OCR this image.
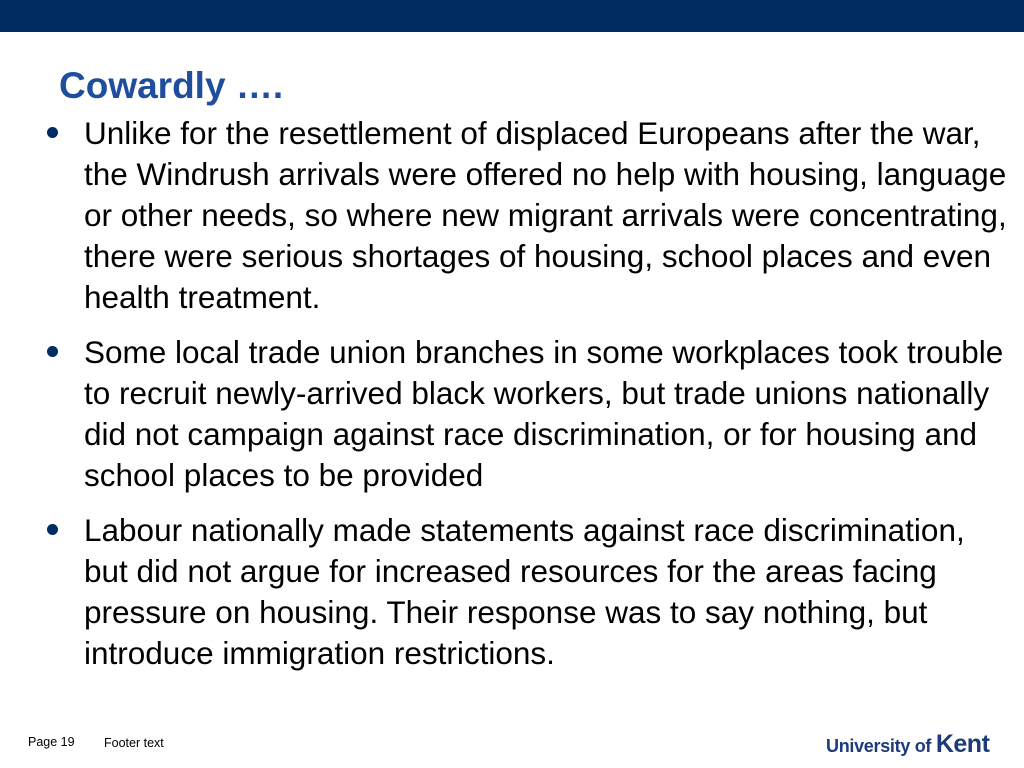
Cowardly ….
Unlike for the resettlement of displaced Europeans after the war, the Windrush arrivals were offered no help with housing, language or other needs, so where new migrant arrivals were concentrating, there were serious shortages of housing, school places and even health treatment.
Some local trade union branches in some workplaces took trouble to recruit newly-arrived black workers, but trade unions nationally did not campaign against race discrimination, or for housing and school places to be provided
Labour nationally made statements against race discrimination, but did not argue for increased resources for the areas facing pressure on housing. Their response was to say nothing, but introduce immigration restrictions.
Page 19 Footer text	University of Kent
